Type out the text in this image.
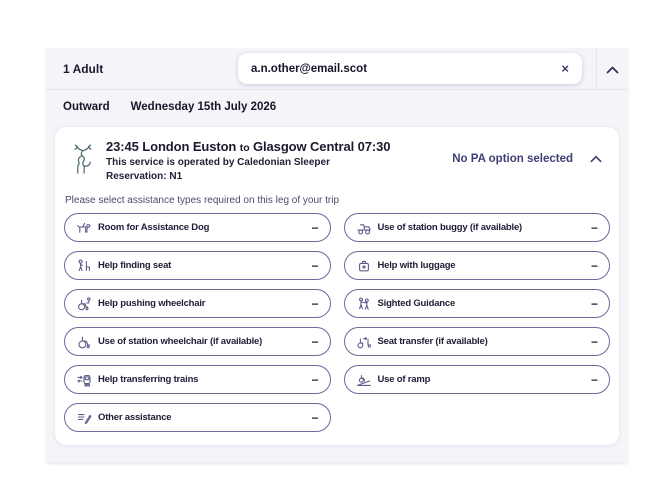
1 Adult	a.n.other@email.scot	×
Outward Wednesday 15th July 2026
23:45 London Euston to Glasgow Central 07:30

This service is operated by Caledonian Sleeper

Reservation: N1

No PA option selected

Please select assistance types required on this leg of your trip

Room for Assistance Dog	−	Use of station buggy (if available)	−
Help finding seat	−	Help with luggage	−
Help pushing wheelchair	−	Sighted Guidance	−
Use of station wheelchair (if available)	−	Seat transfer (if available)	−
Help transferring trains	−	Use of ramp	−
Other assistance	−
